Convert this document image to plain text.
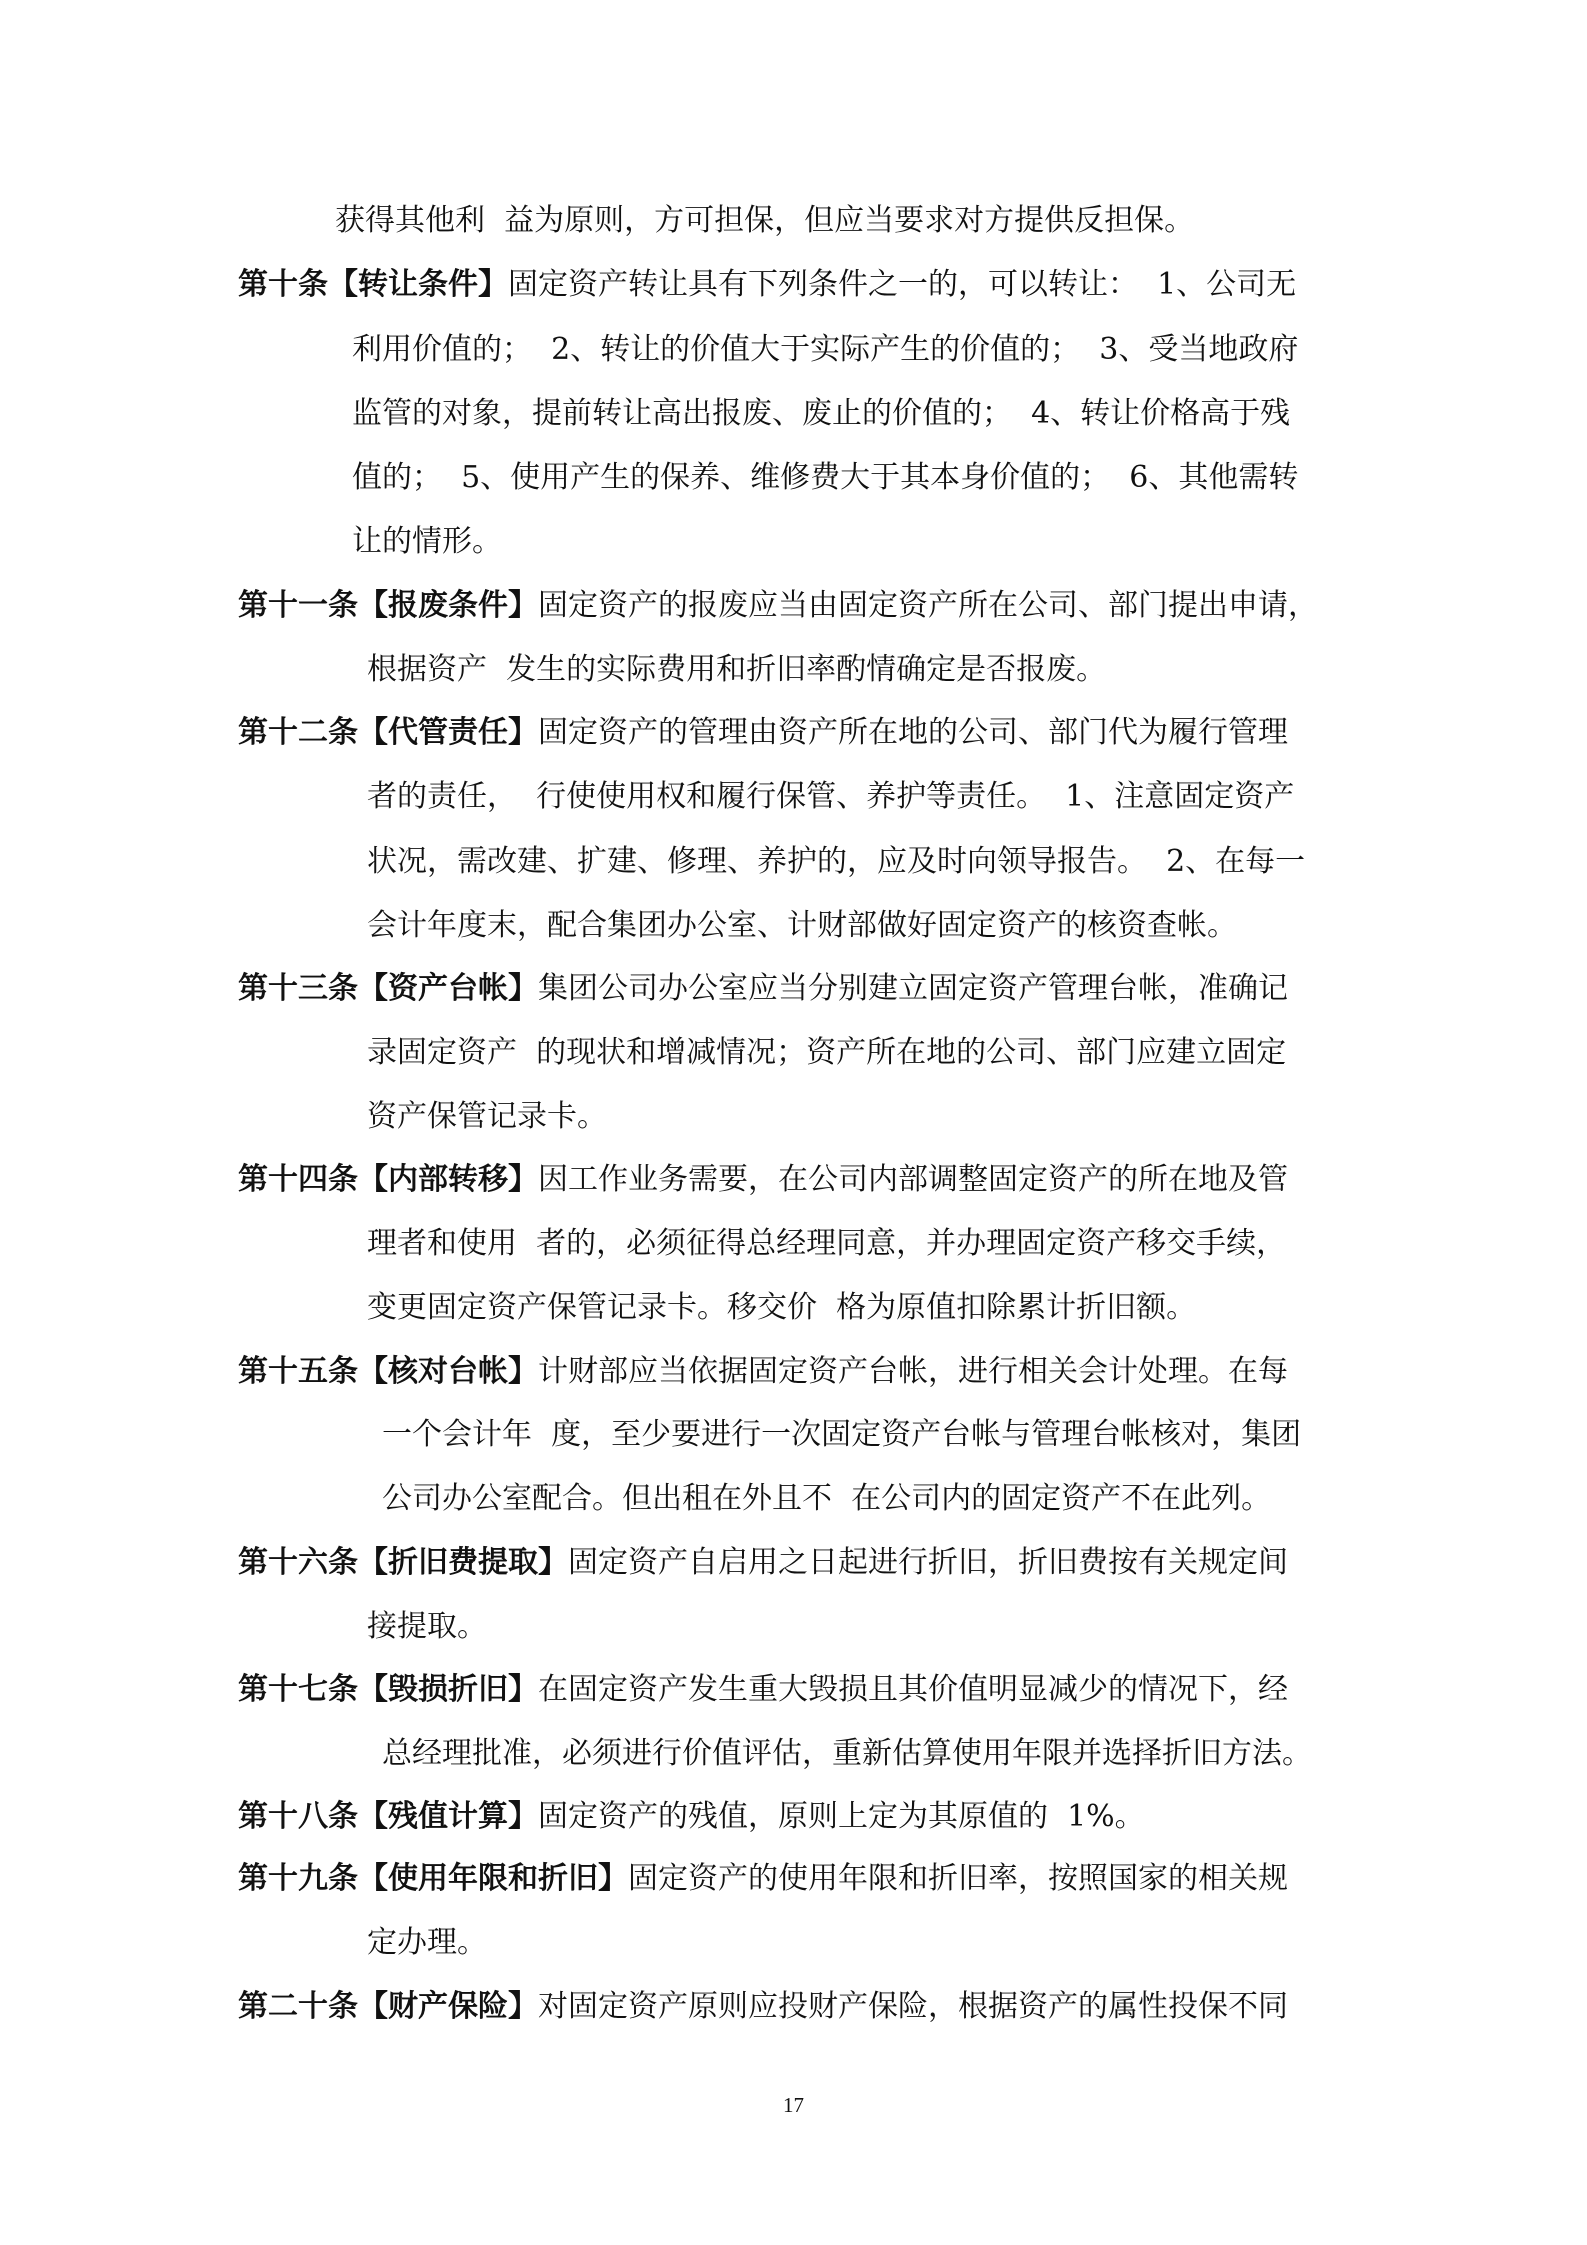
获得其他利  益为原则，方可担保，但应当要求对方提供反担保。
第十条【转让条件】固定资产转让具有下列条件之一的，可以转让：  1、公司无
利用价值的；  2、转让的价值大于实际产生的价值的；  3、受当地政府
监管的对象，提前转让高出报废、废止的价值的；  4、转让价格高于残
值的；  5、使用产生的保养、维修费大于其本身价值的；  6、其他需转
让的情形。
第十一条【报废条件】固定资产的报废应当由固定资产所在公司、部门提出申请，
根据资产  发生的实际费用和折旧率酌情确定是否报废。
第十二条【代管责任】固定资产的管理由资产所在地的公司、部门代为履行管理
者的责任，  行使使用权和履行保管、养护等责任。  1、注意固定资产
状况，需改建、扩建、修理、养护的，应及时向领导报告。  2、在每一
会计年度末，配合集团办公室、计财部做好固定资产的核资查帐。
第十三条【资产台帐】集团公司办公室应当分别建立固定资产管理台帐，准确记
录固定资产  的现状和增减情况；资产所在地的公司、部门应建立固定
资产保管记录卡。
第十四条【内部转移】因工作业务需要，在公司内部调整固定资产的所在地及管
理者和使用  者的，必须征得总经理同意，并办理固定资产移交手续，
变更固定资产保管记录卡。移交价  格为原值扣除累计折旧额。
第十五条【核对台帐】计财部应当依据固定资产台帐，进行相关会计处理。在每
一个会计年  度，至少要进行一次固定资产台帐与管理台帐核对，集团
公司办公室配合。但出租在外且不  在公司内的固定资产不在此列。
第十六条【折旧费提取】固定资产自启用之日起进行折旧，折旧费按有关规定间
接提取。
第十七条【毁损折旧】在固定资产发生重大毁损且其价值明显减少的情况下，经
总经理批准，必须进行价值评估，重新估算使用年限并选择折旧方法。
第十八条【残值计算】固定资产的残值，原则上定为其原值的  1%。
第十九条【使用年限和折旧】固定资产的使用年限和折旧率，按照国家的相关规
定办理。
第二十条【财产保险】对固定资产原则应投财产保险，根据资产的属性投保不同
17
